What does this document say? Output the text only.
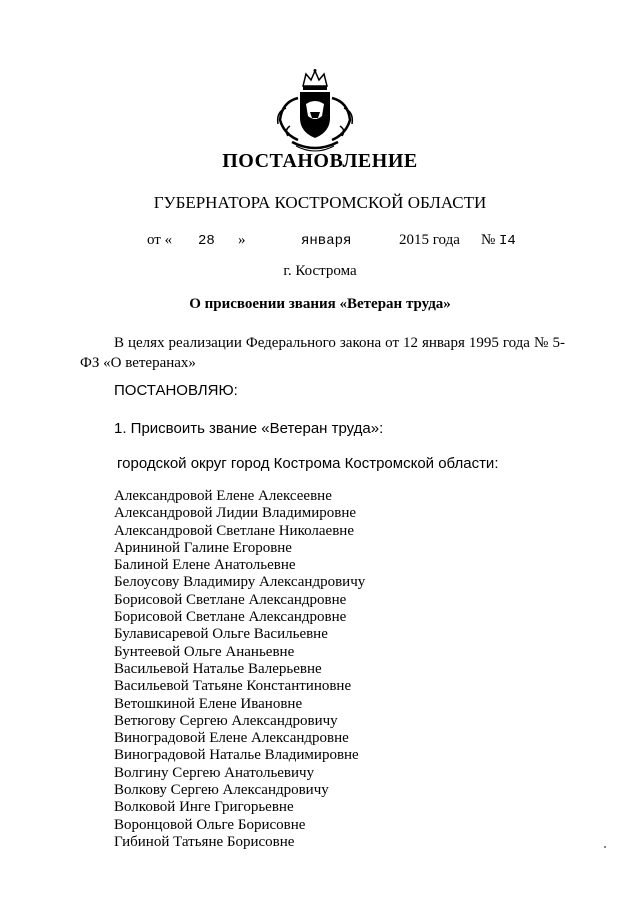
ПОСТАНОВЛЕНИЕ
ГУБЕРНАТОРА КОСТРОМСКОЙ ОБЛАСТИ
от « 28 »	января	2015 года № I4
г. Кострома
О присвоении звания «Ветеран труда»
В целях реализации Федерального закона от 12 января 1995 года № 5-ФЗ «О ветеранах»
ПОСТАНОВЛЯЮ:
1. Присвоить звание «Ветеран труда»:
городской округ город Кострома Костромской области:
Александровой Елене Алексеевне
Александровой Лидии Владимировне
Александровой Светлане Николаевне
Арининой Галине Егоровне
Балиной Елене Анатольевне
Белоусову Владимиру Александровичу
Борисовой Светлане Александровне
Борисовой Светлане Александровне
Булависаревой Ольге Васильевне
Бунтеевой Ольге Ананьевне
Васильевой Наталье Валерьевне
Васильевой Татьяне Константиновне
Ветошкиной Елене Ивановне
Ветюгову Сергею Александровичу
Виноградовой Елене Александровне
Виноградовой Наталье Владимировне
Волгину Сергею Анатольевичу
Волкову Сергею Александровичу
Волковой Инге Григорьевне
Воронцовой Ольге Борисовне
Гибиной Татьяне Борисовне
